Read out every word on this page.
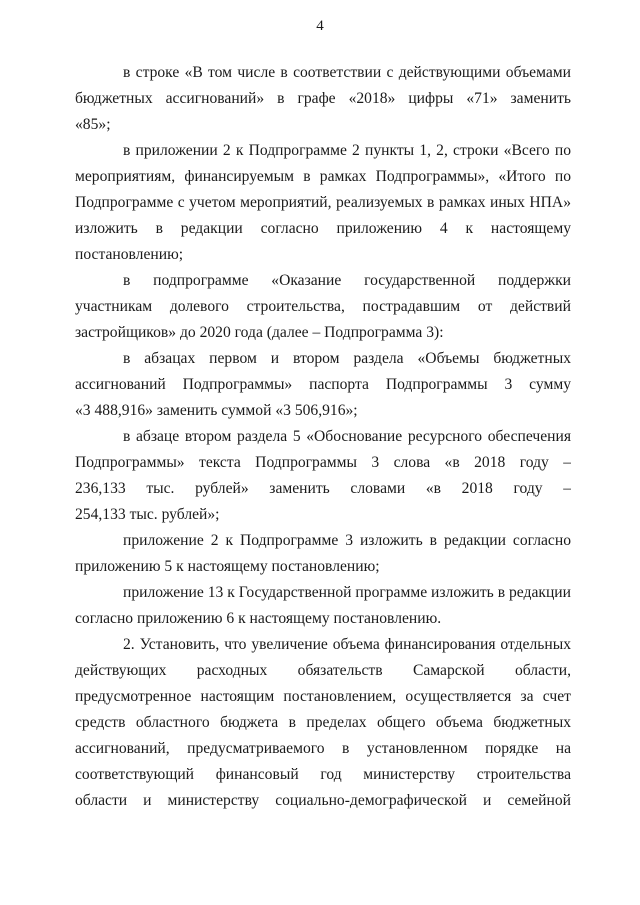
4
в строке «В том числе в соответствии с действующими объемами
бюджетных ассигнований» в графе «2018» цифры «71» заменить
«85»;
в приложении 2 к Подпрограмме 2 пункты 1, 2, строки «Всего по
мероприятиям, финансируемым в рамках Подпрограммы», «Итого по
Подпрограмме с учетом мероприятий, реализуемых в рамках иных НПА»
изложить в редакции согласно приложению 4 к настоящему
постановлению;
в подпрограмме «Оказание государственной поддержки
участникам долевого строительства, пострадавшим от действий
застройщиков» до 2020 года (далее – Подпрограмма 3):
в абзацах первом и втором раздела «Объемы бюджетных
ассигнований Подпрограммы» паспорта Подпрограммы 3 сумму
«3 488,916» заменить суммой «3 506,916»;
в абзаце втором раздела 5 «Обоснование ресурсного обеспечения
Подпрограммы» текста Подпрограммы 3 слова «в 2018 году –
236,133 тыс. рублей» заменить словами «в 2018 году –
254,133 тыс. рублей»;
приложение 2 к Подпрограмме 3 изложить в редакции согласно
приложению 5 к настоящему постановлению;
приложение 13 к Государственной программе изложить в редакции
согласно приложению 6 к настоящему постановлению.
2. Установить, что увеличение объема финансирования отдельных
действующих расходных обязательств Самарской области,
предусмотренное настоящим постановлением, осуществляется за счет
средств областного бюджета в пределах общего объема бюджетных
ассигнований, предусматриваемого в установленном порядке на
соответствующий финансовый год министерству строительства
области и министерству социально-демографической и семейной
